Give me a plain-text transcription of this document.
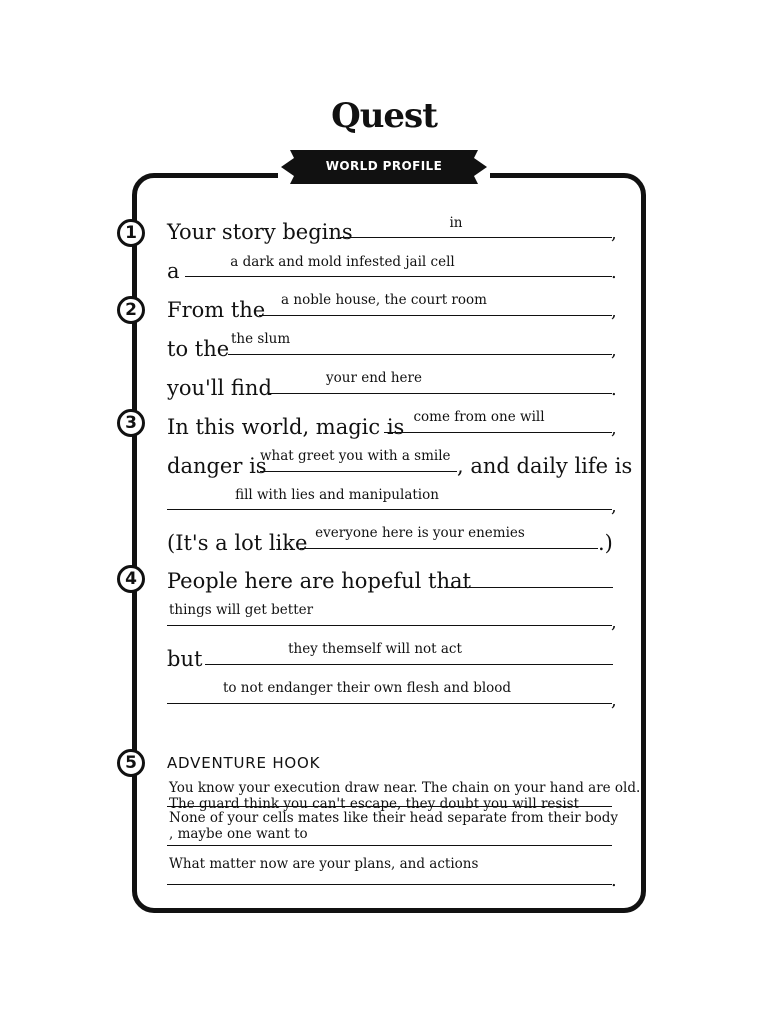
Quest
WORLD PROFILE
1
2
3
4
5
Your story begins	in	,
a	a dark and mold infested jail cell	.
From the	a noble house, the court room
,
to the the slum
,
you'll find	your end here
.
In this world, magic is come from one will
,
danger is
what greet you with a smile , and daily life is
fill with lies and manipulation
,
(It's a lot like everyone here is your enemies	.)
People here are hopeful that
things will get better
,
but	they themself will not act
to not endanger their own flesh and blood
,
ADVENTURE HOOK
You know your execution draw near. The chain on your hand are old.
The guard think you can't escape, they doubt you will resist
None of your cells mates like their head separate from their body
, maybe one want to
What matter now are your plans, and actions
.
